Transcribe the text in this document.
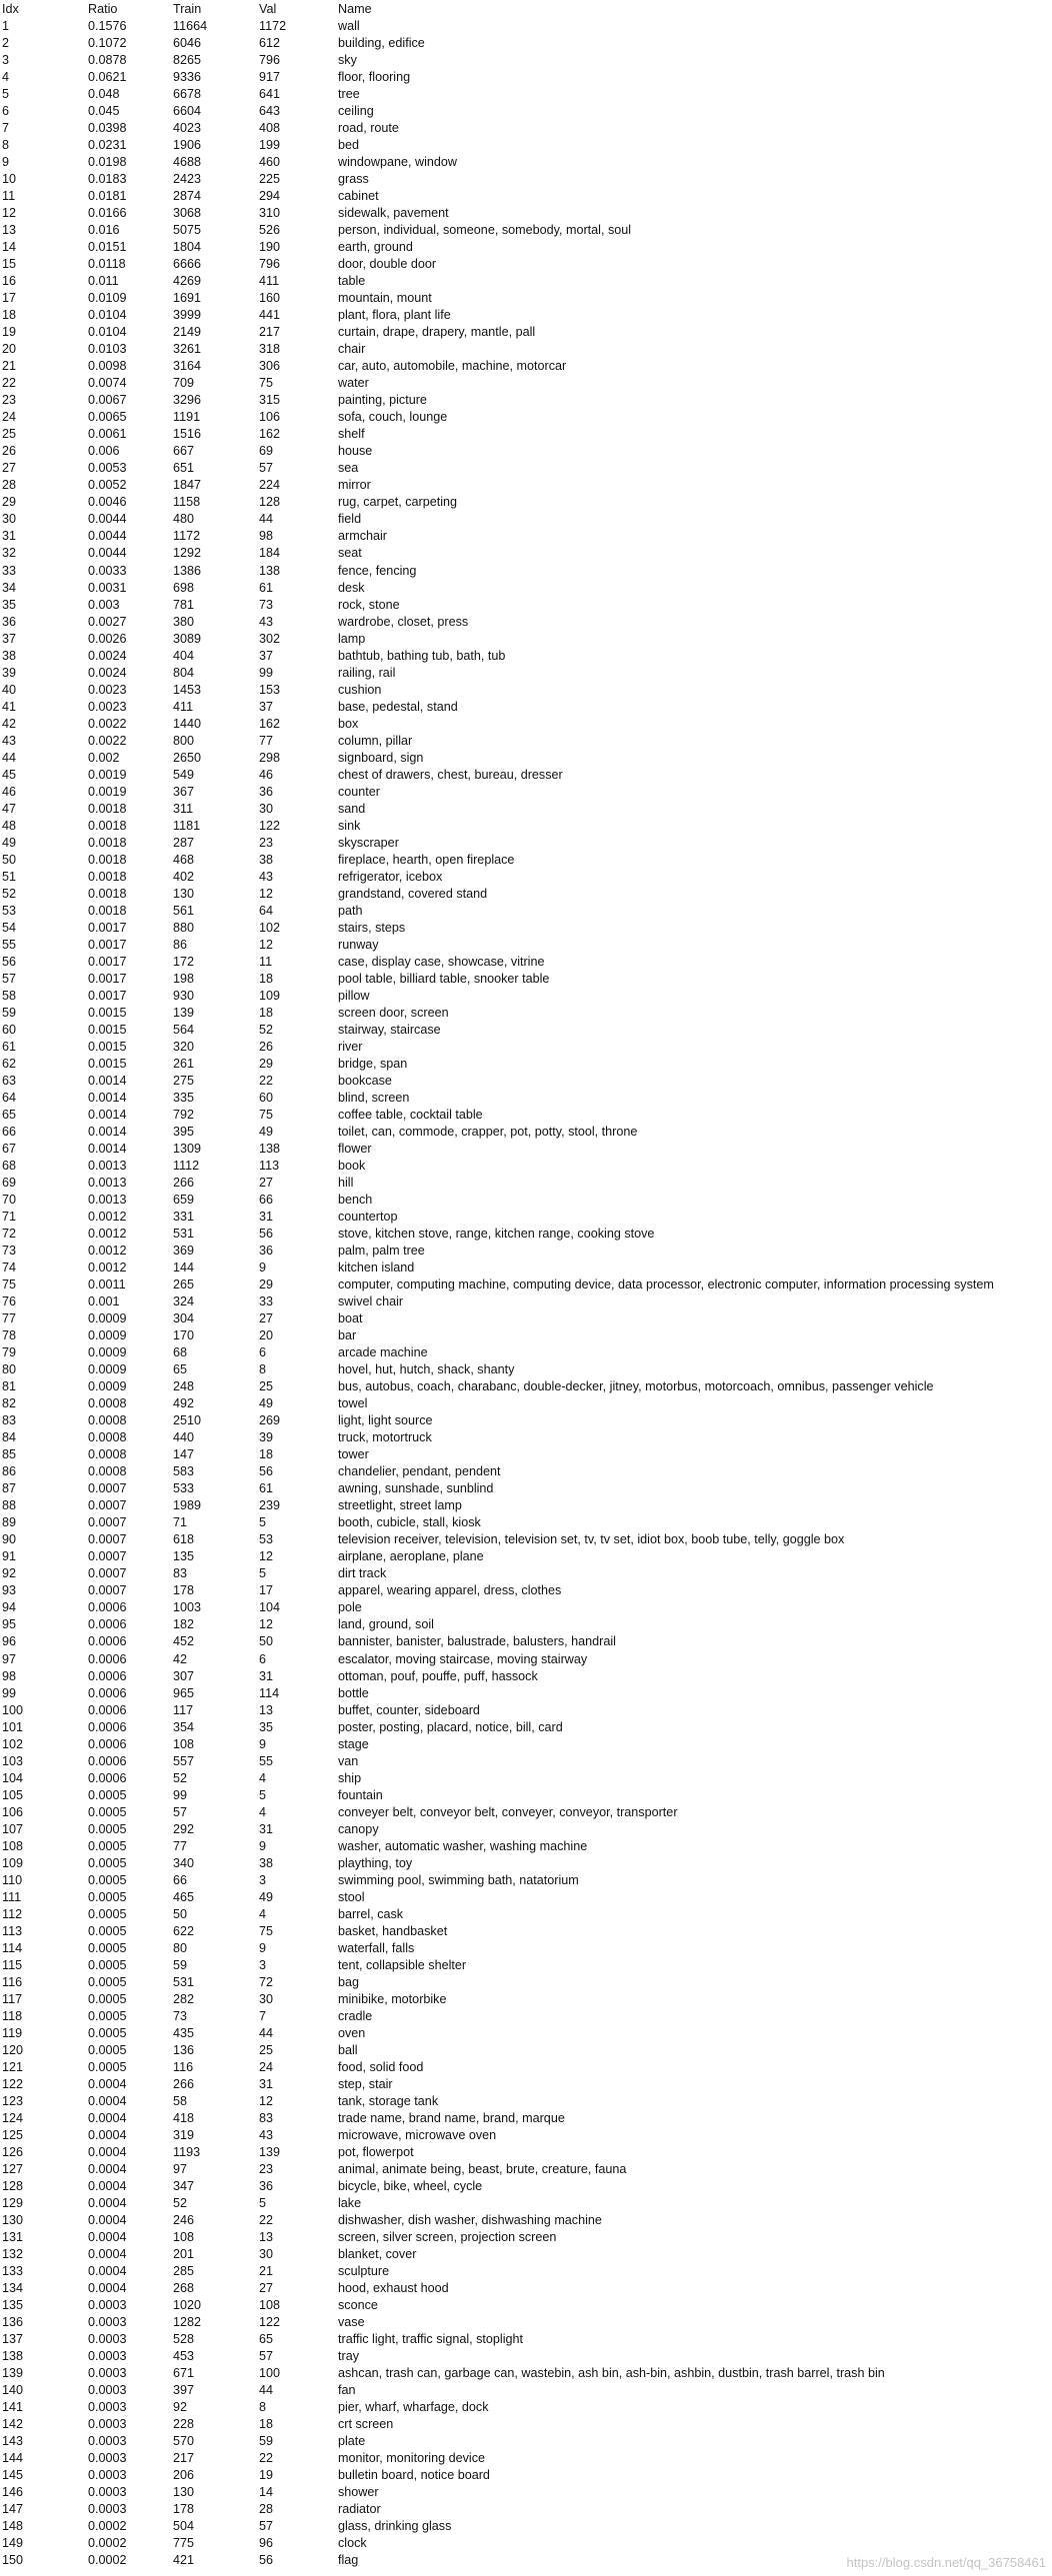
Idx	Ratio	Train	Val	Name
1	0.1576	11664	1172	wall
2	0.1072	6046	612	building, edifice
3	0.0878	8265	796	sky
4	0.0621	9336	917	floor, flooring
5	0.048	6678	641	tree
6	0.045	6604	643	ceiling
7	0.0398	4023	408	road, route
8	0.0231	1906	199	bed
9	0.0198	4688	460	windowpane, window
10	0.0183	2423	225	grass
11	0.0181	2874	294	cabinet
12	0.0166	3068	310	sidewalk, pavement
13	0.016	5075	526	person, individual, someone, somebody, mortal, soul
14	0.0151	1804	190	earth, ground
15	0.0118	6666	796	door, double door
16	0.011	4269	411	table
17	0.0109	1691	160	mountain, mount
18	0.0104	3999	441	plant, flora, plant life
19	0.0104	2149	217	curtain, drape, drapery, mantle, pall
20	0.0103	3261	318	chair
21	0.0098	3164	306	car, auto, automobile, machine, motorcar
22	0.0074	709	75	water
23	0.0067	3296	315	painting, picture
24	0.0065	1191	106	sofa, couch, lounge
25	0.0061	1516	162	shelf
26	0.006	667	69	house
27	0.0053	651	57	sea
28	0.0052	1847	224	mirror
29	0.0046	1158	128	rug, carpet, carpeting
30	0.0044	480	44	field
31	0.0044	1172	98	armchair
32	0.0044	1292	184	seat
33	0.0033	1386	138	fence, fencing
34	0.0031	698	61	desk
35	0.003	781	73	rock, stone
36	0.0027	380	43	wardrobe, closet, press
37	0.0026	3089	302	lamp
38	0.0024	404	37	bathtub, bathing tub, bath, tub
39	0.0024	804	99	railing, rail
40	0.0023	1453	153	cushion
41	0.0023	411	37	base, pedestal, stand
42	0.0022	1440	162	box
43	0.0022	800	77	column, pillar
44	0.002	2650	298	signboard, sign
45	0.0019	549	46	chest of drawers, chest, bureau, dresser
46	0.0019	367	36	counter
47	0.0018	311	30	sand
48	0.0018	1181	122	sink
49	0.0018	287	23	skyscraper
50	0.0018	468	38	fireplace, hearth, open fireplace
51	0.0018	402	43	refrigerator, icebox
52	0.0018	130	12	grandstand, covered stand
53	0.0018	561	64	path
54	0.0017	880	102	stairs, steps
55	0.0017	86	12	runway
56	0.0017	172	11	case, display case, showcase, vitrine
57	0.0017	198	18	pool table, billiard table, snooker table
58	0.0017	930	109	pillow
59	0.0015	139	18	screen door, screen
60	0.0015	564	52	stairway, staircase
61	0.0015	320	26	river
62	0.0015	261	29	bridge, span
63	0.0014	275	22	bookcase
64	0.0014	335	60	blind, screen
65	0.0014	792	75	coffee table, cocktail table
66	0.0014	395	49	toilet, can, commode, crapper, pot, potty, stool, throne
67	0.0014	1309	138	flower
68	0.0013	1112	113	book
69	0.0013	266	27	hill
70	0.0013	659	66	bench
71	0.0012	331	31	countertop
72	0.0012	531	56	stove, kitchen stove, range, kitchen range, cooking stove
73	0.0012	369	36	palm, palm tree
74	0.0012	144	9	kitchen island
75	0.0011	265	29	computer, computing machine, computing device, data processor, electronic computer, information processing system
76	0.001	324	33	swivel chair
77	0.0009	304	27	boat
78	0.0009	170	20	bar
79	0.0009	68	6	arcade machine
80	0.0009	65	8	hovel, hut, hutch, shack, shanty
81	0.0009	248	25	bus, autobus, coach, charabanc, double-decker, jitney, motorbus, motorcoach, omnibus, passenger vehicle
82	0.0008	492	49	towel
83	0.0008	2510	269	light, light source
84	0.0008	440	39	truck, motortruck
85	0.0008	147	18	tower
86	0.0008	583	56	chandelier, pendant, pendent
87	0.0007	533	61	awning, sunshade, sunblind
88	0.0007	1989	239	streetlight, street lamp
89	0.0007	71	5	booth, cubicle, stall, kiosk
90	0.0007	618	53	television receiver, television, television set, tv, tv set, idiot box, boob tube, telly, goggle box
91	0.0007	135	12	airplane, aeroplane, plane
92	0.0007	83	5	dirt track
93	0.0007	178	17	apparel, wearing apparel, dress, clothes
94	0.0006	1003	104	pole
95	0.0006	182	12	land, ground, soil
96	0.0006	452	50	bannister, banister, balustrade, balusters, handrail
97	0.0006	42	6	escalator, moving staircase, moving stairway
98	0.0006	307	31	ottoman, pouf, pouffe, puff, hassock
99	0.0006	965	114	bottle
100	0.0006	117	13	buffet, counter, sideboard
101	0.0006	354	35	poster, posting, placard, notice, bill, card
102	0.0006	108	9	stage
103	0.0006	557	55	van
104	0.0006	52	4	ship
105	0.0005	99	5	fountain
106	0.0005	57	4	conveyer belt, conveyor belt, conveyer, conveyor, transporter
107	0.0005	292	31	canopy
108	0.0005	77	9	washer, automatic washer, washing machine
109	0.0005	340	38	plaything, toy
110	0.0005	66	3	swimming pool, swimming bath, natatorium
111	0.0005	465	49	stool
112	0.0005	50	4	barrel, cask
113	0.0005	622	75	basket, handbasket
114	0.0005	80	9	waterfall, falls
115	0.0005	59	3	tent, collapsible shelter
116	0.0005	531	72	bag
117	0.0005	282	30	minibike, motorbike
118	0.0005	73	7	cradle
119	0.0005	435	44	oven
120	0.0005	136	25	ball
121	0.0005	116	24	food, solid food
122	0.0004	266	31	step, stair
123	0.0004	58	12	tank, storage tank
124	0.0004	418	83	trade name, brand name, brand, marque
125	0.0004	319	43	microwave, microwave oven
126	0.0004	1193	139	pot, flowerpot
127	0.0004	97	23	animal, animate being, beast, brute, creature, fauna
128	0.0004	347	36	bicycle, bike, wheel, cycle
129	0.0004	52	5	lake
130	0.0004	246	22	dishwasher, dish washer, dishwashing machine
131	0.0004	108	13	screen, silver screen, projection screen
132	0.0004	201	30	blanket, cover
133	0.0004	285	21	sculpture
134	0.0004	268	27	hood, exhaust hood
135	0.0003	1020	108	sconce
136	0.0003	1282	122	vase
137	0.0003	528	65	traffic light, traffic signal, stoplight
138	0.0003	453	57	tray
139	0.0003	671	100	ashcan, trash can, garbage can, wastebin, ash bin, ash-bin, ashbin, dustbin, trash barrel, trash bin
140	0.0003	397	44	fan
141	0.0003	92	8	pier, wharf, wharfage, dock
142	0.0003	228	18	crt screen
143	0.0003	570	59	plate
144	0.0003	217	22	monitor, monitoring device
145	0.0003	206	19	bulletin board, notice board
146	0.0003	130	14	shower
147	0.0003	178	28	radiator
148	0.0002	504	57	glass, drinking glass
149	0.0002	775	96	clock
150	0.0002	421	56	flag	https://blog.csdn.net/qq_36758461
